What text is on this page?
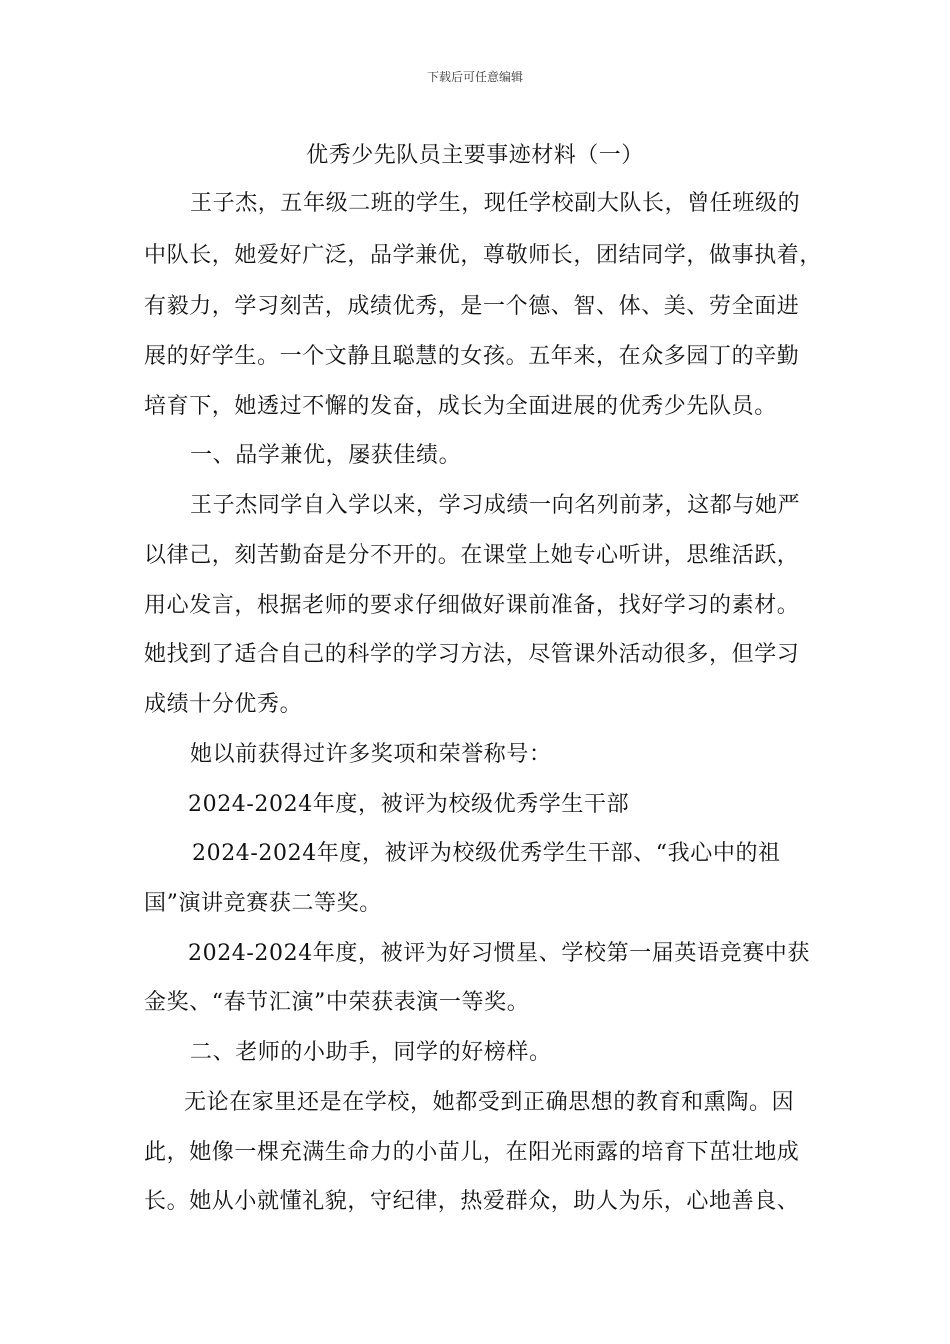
下载后可任意编辑
优秀少先队员主要事迹材料（一）
王子杰，五年级二班的学生，现任学校副大队长，曾任班级的
中队长，她爱好广泛，品学兼优，尊敬师长，团结同学，做事执着，
有毅力，学习刻苦，成绩优秀，是一个德、智、体、美、劳全面进
展的好学生。一个文静且聪慧的女孩。五年来，在众多园丁的辛勤
培育下，她透过不懈的发奋，成长为全面进展的优秀少先队员。
一、品学兼优，屡获佳绩。
王子杰同学自入学以来，学习成绩一向名列前茅，这都与她严
以律己，刻苦勤奋是分不开的。在课堂上她专心听讲，思维活跃，
用心发言，根据老师的要求仔细做好课前准备，找好学习的素材。
她找到了适合自己的科学的学习方法，尽管课外活动很多，但学习
成绩十分优秀。
她以前获得过许多奖项和荣誉称号：
2024-2024年度，被评为校级优秀学生干部
2024-2024年度，被评为校级优秀学生干部、“我心中的祖
国”演讲竞赛获二等奖。
2024-2024年度，被评为好习惯星、学校第一届英语竞赛中获
金奖、“春节汇演”中荣获表演一等奖。
二、老师的小助手，同学的好榜样。
无论在家里还是在学校，她都受到正确思想的教育和熏陶。因
此，她像一棵充满生命力的小苗儿，在阳光雨露的培育下茁壮地成
长。她从小就懂礼貌，守纪律，热爱群众，助人为乐，心地善良、
